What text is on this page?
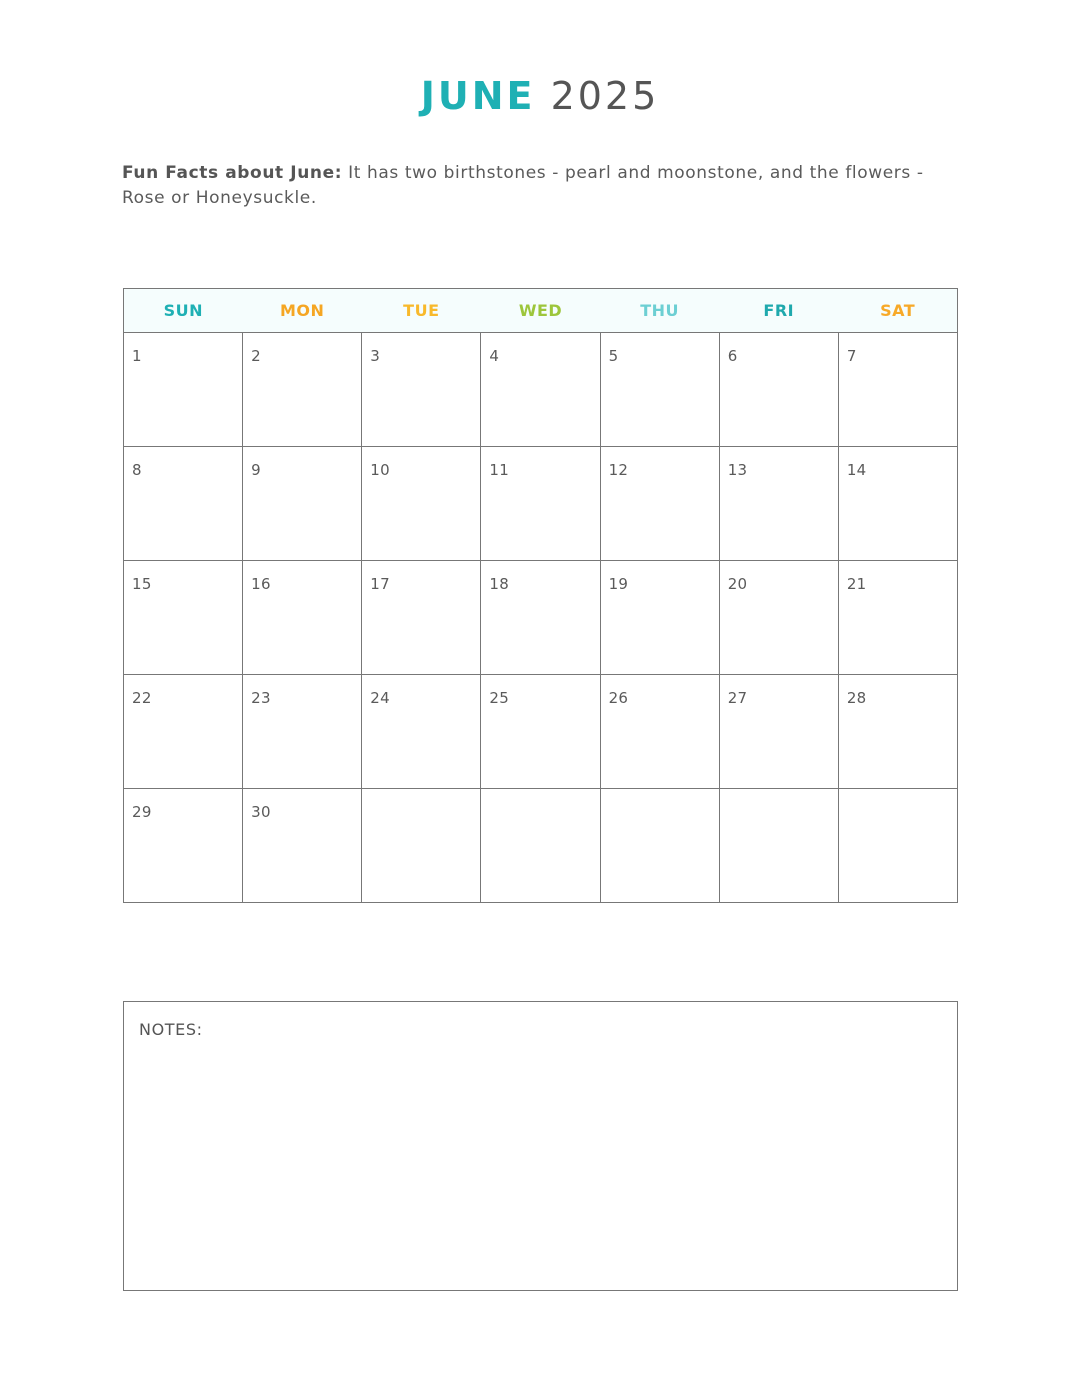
JUNE 2025
Fun Facts about June: It has two birthstones - pearl and moonstone, and the flowers - Rose or Honeysuckle.
SUN	MON	TUE	WED	THU	FRI	SAT

1	2	3	4	5	6	7

8	9	10	11	12	13	14

15	16	17	18	19	20	21

22	23	24	25	26	27	28

29	30					

NOTES:
